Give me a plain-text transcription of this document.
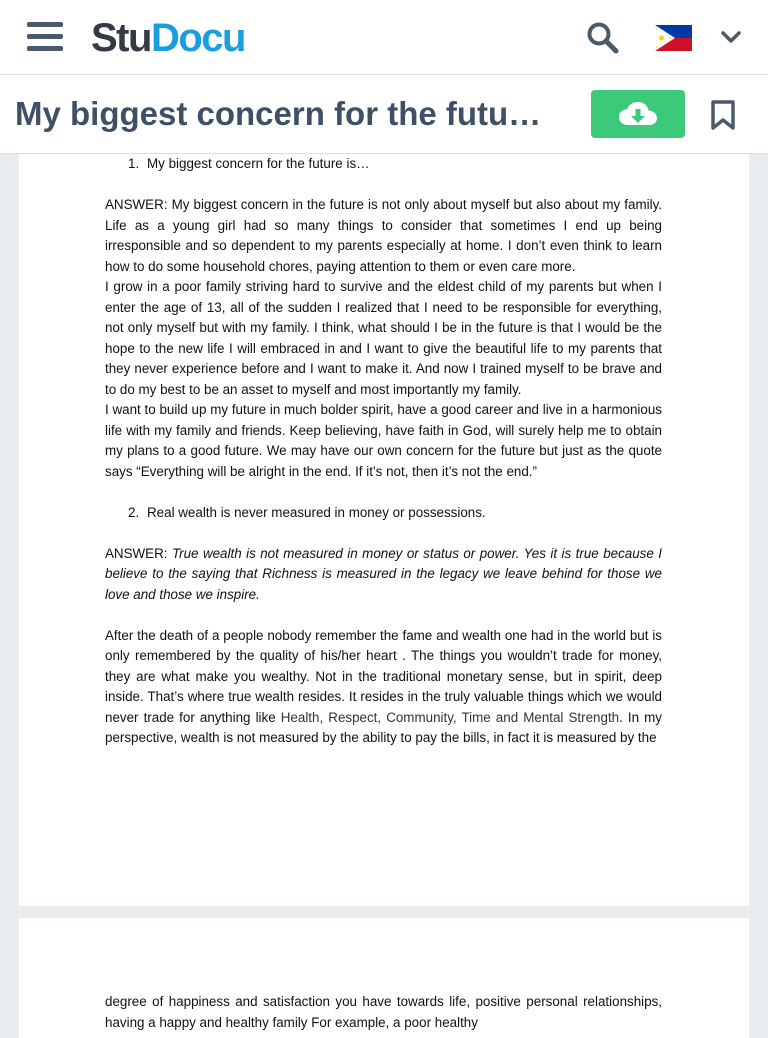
StuDocu
My biggest concern for the futu…

1. My biggest concern for the future is…

ANSWER: My biggest concern in the future is not only about myself but also about my family. Life as a young girl had so many things to consider that sometimes I end up being irresponsible and so dependent to my parents especially at home. I don’t even think to learn how to do some household chores, paying attention to them or even care more.

I grow in a poor family striving hard to survive and the eldest child of my parents but when I enter the age of 13, all of the sudden I realized that I need to be responsible for everything, not only myself but with my family. I think, what should I be in the future is that I would be the hope to the new life I will embraced in and I want to give the beautiful life to my parents that they never experience before and I want to make it. And now I trained myself to be brave and to do my best to be an asset to myself and most importantly my family.

I want to build up my future in much bolder spirit, have a good career and live in a harmonious life with my family and friends. Keep believing, have faith in God, will surely help me to obtain my plans to a good future. We may have our own concern for the future but just as the quote says “Everything will be alright in the end. If it’s not, then it’s not the end.”

2. Real wealth is never measured in money or possessions.

ANSWER: True wealth is not measured in money or status or power. Yes it is true because I believe to the saying that Richness is measured in the legacy we leave behind for those we love and those we inspire.

After the death of a people nobody remember the fame and wealth one had in the world but is only remembered by the quality of his/her heart . The things you wouldn’t trade for money, they are what make you wealthy. Not in the traditional monetary sense, but in spirit, deep inside. That’s where true wealth resides. It resides in the truly valuable things which we would never trade for anything like Health, Respect, Community, Time and Mental Strength. In my perspective, wealth is not measured by the ability to pay the bills, in fact it is measured by the

degree of happiness and satisfaction you have towards life, positive personal relationships, having a happy and healthy family For example, a poor healthy
